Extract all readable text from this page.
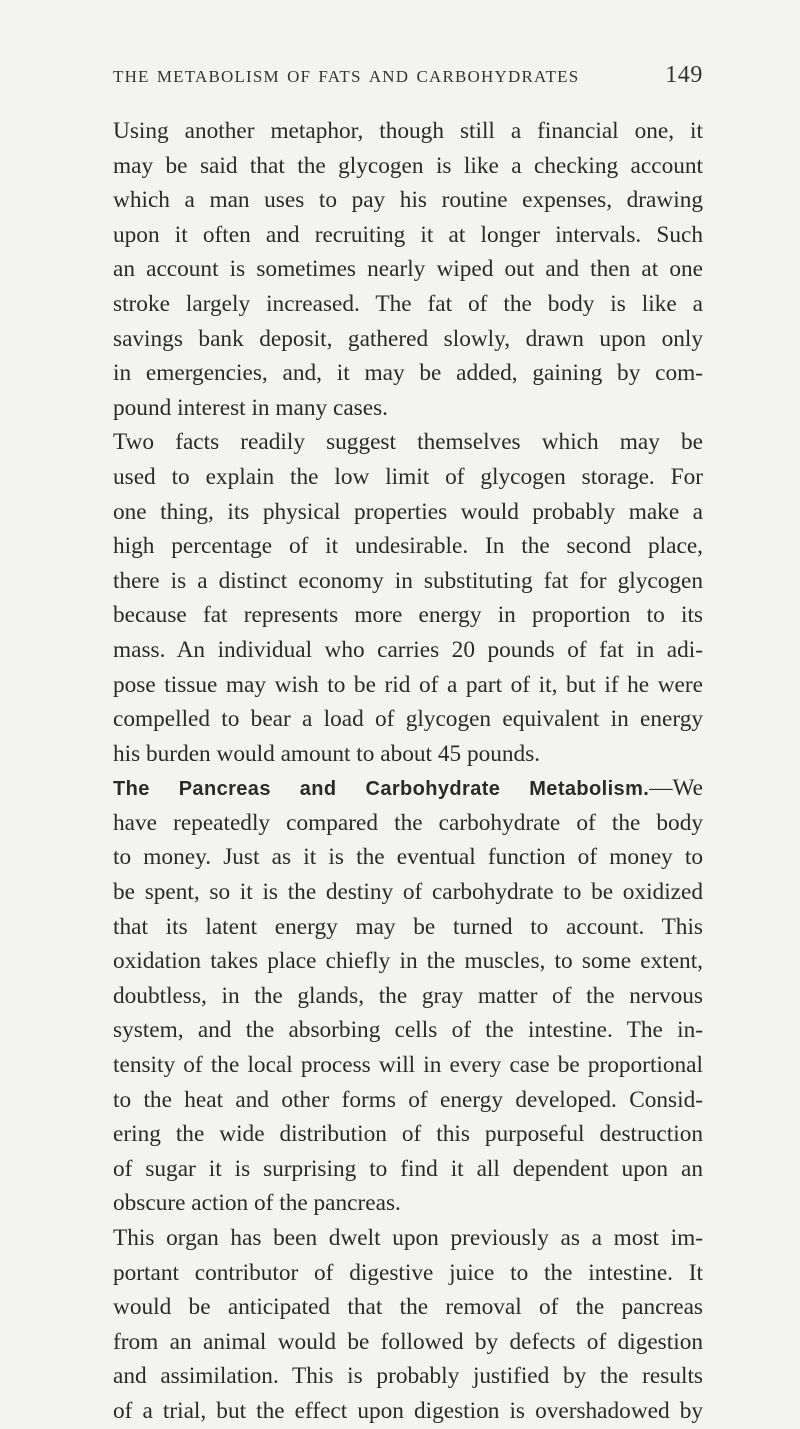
the metabolism of fats and carbohydrates	149
Using another metaphor, though still a financial one, it
may be said that the glycogen is like a checking account
which a man uses to pay his routine expenses, drawing
upon it often and recruiting it at longer intervals. Such
an account is sometimes nearly wiped out and then at one
stroke largely increased. The fat of the body is like a
savings bank deposit, gathered slowly, drawn upon only
in emergencies, and, it may be added, gaining by com-
pound interest in many cases.
Two facts readily suggest themselves which may be
used to explain the low limit of glycogen storage. For
one thing, its physical properties would probably make a
high percentage of it undesirable. In the second place,
there is a distinct economy in substituting fat for glycogen
because fat represents more energy in proportion to its
mass. An individual who carries 20 pounds of fat in adi-
pose tissue may wish to be rid of a part of it, but if he were
compelled to bear a load of glycogen equivalent in energy
his burden would amount to about 45 pounds.
The Pancreas and Carbohydrate Metabolism.—We
have repeatedly compared the carbohydrate of the body
to money. Just as it is the eventual function of money to
be spent, so it is the destiny of carbohydrate to be oxidized
that its latent energy may be turned to account. This
oxidation takes place chiefly in the muscles, to some extent,
doubtless, in the glands, the gray matter of the nervous
system, and the absorbing cells of the intestine. The in-
tensity of the local process will in every case be proportional
to the heat and other forms of energy developed. Consid-
ering the wide distribution of this purposeful destruction
of sugar it is surprising to find it all dependent upon an
obscure action of the pancreas.
This organ has been dwelt upon previously as a most im-
portant contributor of digestive juice to the intestine. It
would be anticipated that the removal of the pancreas
from an animal would be followed by defects of digestion
and assimilation. This is probably justified by the results
of a trial, but the effect upon digestion is overshadowed by
